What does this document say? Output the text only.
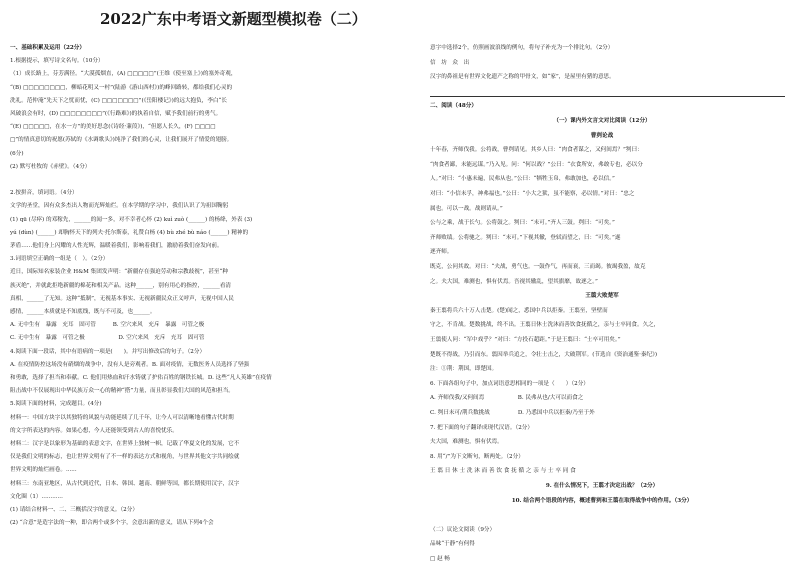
2022广东中考语文新题型模拟卷（二）
一、基础积累及运用（22分）
1.根据提示，填写诗文名句。（10分）
（1）成长路上，芬芳满径。“大漠孤烟直，(A) □□□□□”(王维《使至塞上》)的塞外奇观，
“(B) □□□□□□□□，柳暗花明又一村”(陆游《游山西村》)的峰回路转，都给我们心灵的
洗礼。范仲淹“先天下之忧而忧，(C) □□□□□□□”(《岳阳楼记》)的远大抱负，李白“长
风破浪会有时，(D) □□□□□□□□”(《行路难》)的执着自信，赋予我们前行的勇气。
“(E) □□□□□，在水一方”的美好思念(《诗经·蒹葭》)，“但愿人长久，(F) □□□□
□”的情真意切的祝愿(苏轼的《水调歌头》)纯净了我们的心灵，让我们展开了情爱的翅膀。
(6分)
(2) 默写杜牧的《赤壁》。（4分）
2.按拼音，填词语。（4分）
文学的圣堂，因有众多杰出人物而光辉灿烂。在本学期的学习中，我们认识了为祖国鞠躬
(1) qū (尽瘁) 的邓稼先，______的闻一多，对不幸者心怀 (2) kuì zuò (______) 的杨绛，外表 (3)
yú (dùn) (______) 却胸怀天下的列夫·托尔斯泰，礼赞白杨 (4) bù zhé bù náo (______) 精神的
茅盾……他们身上闪耀的人性光辉，温暖着我们，影响着我们，激励着我们奋发向前。
3.词语填空正确的一组是（　）。（2分）
近日，国际知名家装企业 H&M 集团发声明：“新疆存在强迫劳动和宗教歧视”，甚至“种
族灭绝”，并就此拒绝新疆的棉花和相关产品。这种______，别有用心的指控，______看清
真相，______了无知。这种“抵制”，无视基本事实、无视新疆民众正义呼声，无视中国人民
感情，______本质就是不知底线，既与不可及，也______。
A. 无中生有　暴露　充耳　固可管　　　B. 空穴来风　充斥　暴露　可管之极
C. 无中生有　暴露　可管之极　　　　　　D. 空穴来风　充斥　充耳　固可管
4.阅读下面一段话，其中有语病的一项是(　　)。并写出修改后的句子。（2分）
A. 在疫情防控这场没有硝烟的战争中，没有人是旁观者。B. 面对疫情，无数医务人员选择了坚强
和勇敢，选择了担当和奉献。C. 他们用热血和汗水铸就了护佑百姓的钢铁长城。D. 这些“凡人英雄”在疫情
阻击战中不仅展现出中华民族万众一心的精神“搭”力量，而且彰显我们大国的风范和担当。
5.阅读下面的材料，完成题目。(4分)
材料一：中国方块字以其独特的风貌与功能延续了几千年，让今人可以清晰地看懂古代时期
的文字所表达的内容。如果心想，今人还能领受到古人的喜悦忧乐。
材料二：汉字是以象形为基础的表意文字，在世界上独树一帜，记载了华夏文化的发展，它不
仅是我们文明的标志，也让世界文明有了不一样的表达方式和视角，与世界其他文字共同绘就
世界文明的灿烂画卷。......
材料三：东南亚地区，从古代到近代，日本、韩国、越南、朝鲜等国，都长期使用汉字，汉字
文化圈（1）............
(1) 请结合材料一、二、三概括汉字的意义。（2分）
(2) “合意”是造字法的一种，即合两个或多个字，会意出新的意义，请从下列4个会
意字中选择2个，仿照画波浪线的例句，将句子补充为一个排比句。（2分）
信　坊　众　出
汉字的鼻祖是有世界文化遗产之称的甲骨文，如“家”，是屋里有猪的意思。
二、阅读（48分）
（一）课内外文言文对比阅读（12分）
曹刿论战
十年春，齐师伐我。公将战，曹刿请见。其乡人曰：“肉食者谋之，又何间焉？”刿曰：
“肉食者鄙，未能远谋。”乃入见。问：“何以战？”公曰：“衣食所安，弗敢专也，必以分
人。”对曰：“小惠未遍，民弗从也。”公曰：“牺牲玉帛，弗敢加也，必以信。”
对曰：“小信未孚，神弗福也。”公曰：“小大之狱，虽不能察，必以情。”对曰：“忠之
属也。可以一战。战则请从。”
公与之乘，战于长勺。公将鼓之。刿曰：“未可。”齐人三鼓。刿曰：“可矣。”
齐师败绩。公将驰之。刿曰：“未可。”下视其辙，登轼而望之，曰：“可矣。”遂
逐齐师。
既克，公问其故。对曰：“夫战，勇气也。一鼓作气，再而衰，三而竭。彼竭我盈，故克
之。夫大国，难测也，惧有伏焉。吾视其辙乱，望其旗靡，故逐之。”
王翦大败楚军
秦王翦将兵六十万人击楚。(楚)闻之，悉国中兵以拒秦。王翦至，坚壁而
守之，不肯战。楚数挑战，终不出。王翦日休士洗沐而善饮食抚循之，亲与士卒同食。久之，
王翦使人问：“军中戏乎？”对曰：“方投石超距。”于是王翦曰：“士卒可用矣。”
楚既不得战，乃引而东。翦因举兵追之，令壮士击之，大破荆军。(节选自《资治通鉴·秦纪》)
注：①荆：荆国，即楚国。
6. 下面各组句子中，加点词语意思相同的一项是（　　）（2分）
A. 齐师伐我/又何间焉　　　　　　B. 民弗从也/大可以而食之
C. 刿曰未可/荆兵数挑战　　　　　D. 乃悉国中兵以拒秦/乃至于外
7. 把下面的句子翻译成现代汉语。（2分）
夫大国，难测也，惧有伏焉。
8. 用“/”为下文断句，断两处。（2分）
王 翦 日 休 士 洗 沐 而 善 饮 食 抚 循 之 亲 与 士 卒 同 食
9. 在什么情况下，王翦才决定出战？（2分）
10. 结合两个语段的内容，概述曹刿和王翦在取得战争中的作用。（3分）
（二）议论文阅读（9分）
品味“于静”有何得
□ 赵 畅
